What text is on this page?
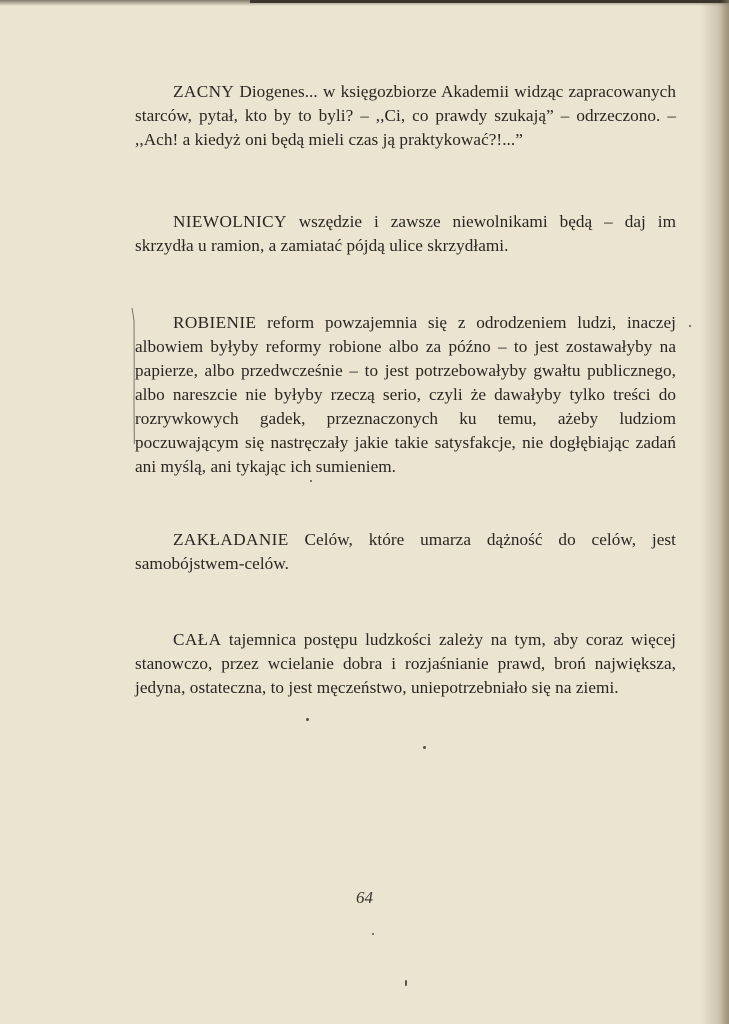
ZACNY Diogenes... w księgozbiorze Akademii widząc zapracowanych starców, pytał, kto by to byli? – ,,Ci, co prawdy szukają” – odrzeczono. – ,,Ach! a kiedyż oni będą mieli czas ją praktykować?!...”

NIEWOLNICY wszędzie i zawsze niewolnikami będą – daj im skrzydła u ramion, a zamiatać pójdą ulice skrzydłami.

ROBIENIE reform powzajemnia się z odrodzeniem ludzi, inaczej albowiem byłyby reformy robione albo za późno – to jest zostawałyby na papierze, albo przedwcześnie – to jest potrzebowałyby gwałtu publicznego, albo nareszcie nie byłyby rzeczą serio, czyli że dawałyby tylko treści do rozrywkowych gadek, przeznaczonych ku temu, ażeby ludziom poczuwającym się nastręczały jakie takie satysfakcje, nie dogłębiając zadań ani myślą, ani tykając ich sumieniem.

ZAKŁADANIE Celów, które umarza dążność do celów, jest samobójstwem-celów.

CAŁA tajemnica postępu ludzkości zależy na tym, aby coraz więcej stanowczo, przez wcielanie dobra i rozjaśnianie prawd, broń największa, jedyna, ostateczna, to jest męczeństwo, uniepotrzebniało się na ziemi.

64
